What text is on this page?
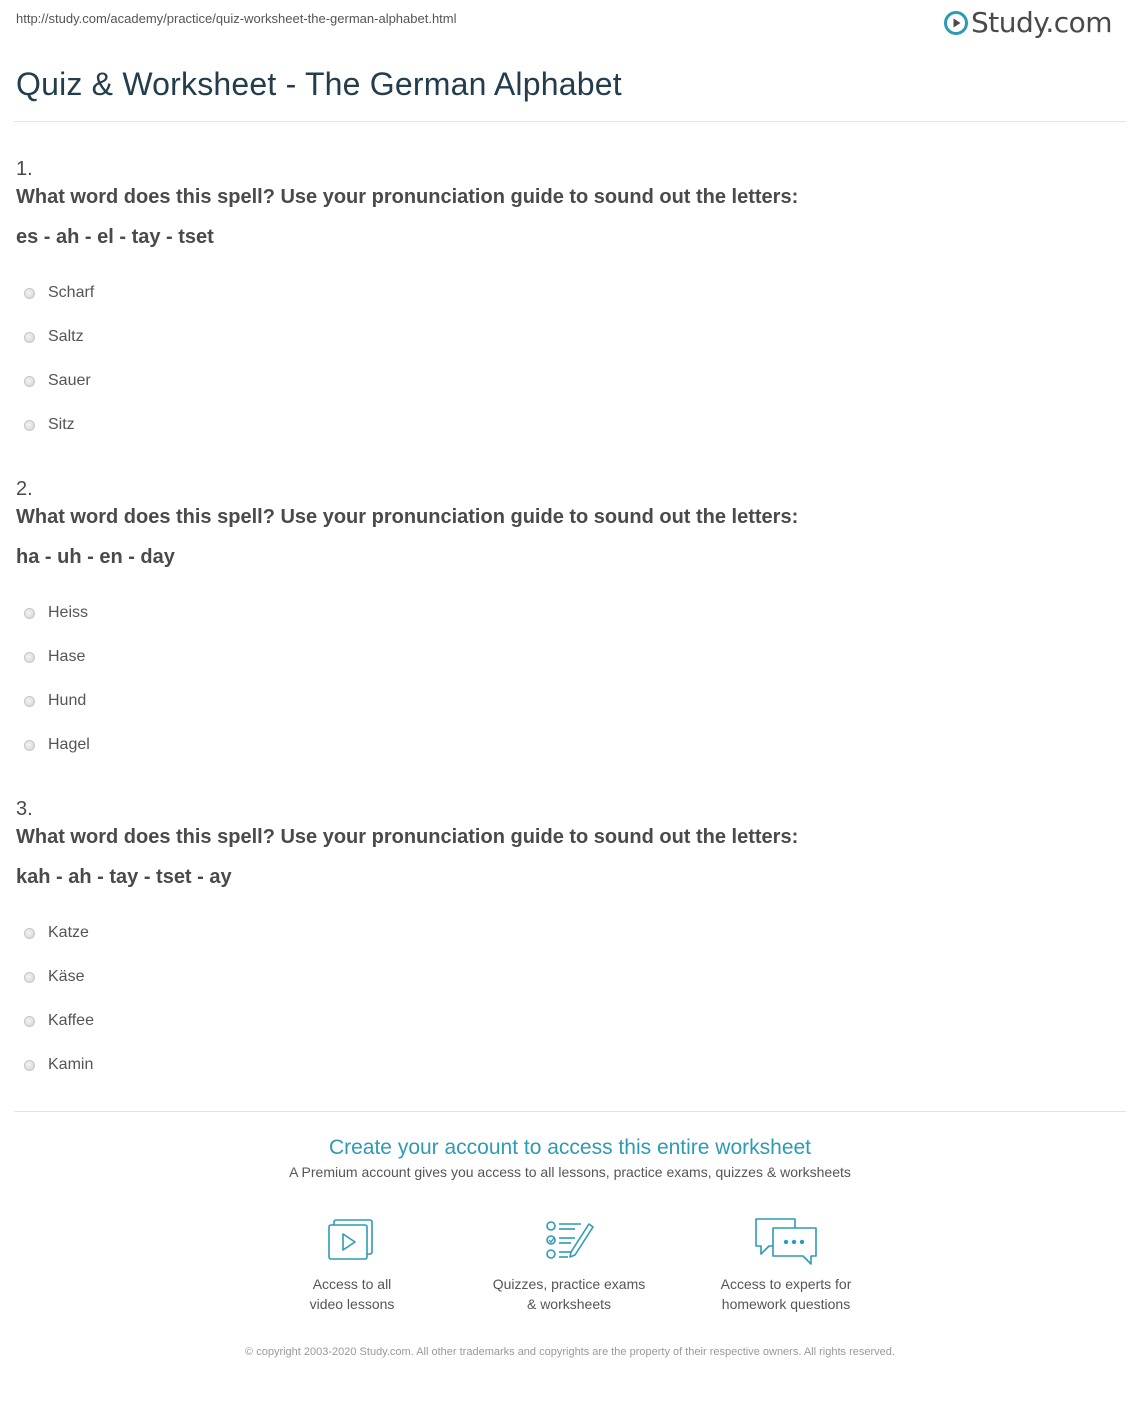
http://study.com/academy/practice/quiz-worksheet-the-german-alphabet.html	Study.com
Quiz & Worksheet - The German Alphabet
1.
What word does this spell? Use your pronunciation guide to sound out the letters:
es - ah - el - tay - tset
Scharf
Saltz
Sauer
Sitz
2.
What word does this spell? Use your pronunciation guide to sound out the letters:
ha - uh - en - day
Heiss
Hase
Hund
Hagel
3.
What word does this spell? Use your pronunciation guide to sound out the letters:
kah - ah - tay - tset - ay
Katze
Käse
Kaffee
Kamin
Create your account to access this entire worksheet
A Premium account gives you access to all lessons, practice exams, quizzes & worksheets
Access to all
video lessons
Quizzes, practice exams
& worksheets
Access to experts for
homework questions
© copyright 2003-2020 Study.com. All other trademarks and copyrights are the property of their respective owners. All rights reserved.
